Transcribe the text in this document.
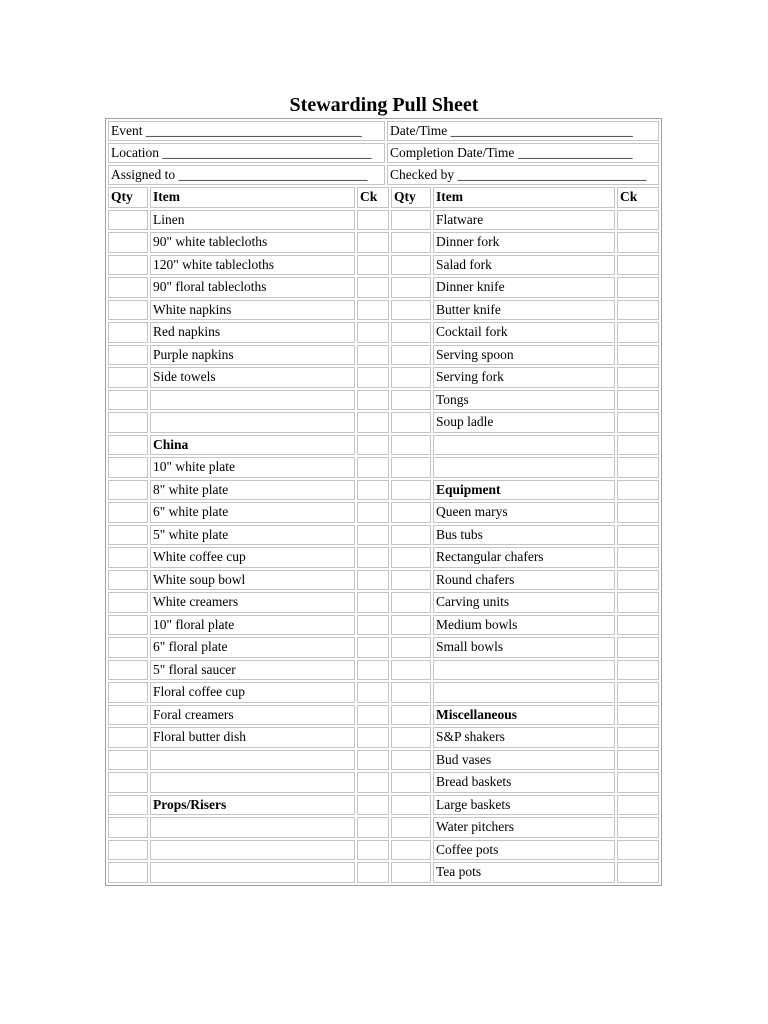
Stewarding Pull Sheet
Event ________________________________	Date/Time ___________________________
Location _______________________________	Completion Date/Time _________________
Assigned to ____________________________	Checked by ____________________________
Qty	Item	Ck	Qty	Item	Ck
	Linen			Flatware	
	90" white tablecloths			Dinner fork	
	120" white tablecloths			Salad fork	
	90" floral tablecloths			Dinner knife	
	White napkins			Butter knife	
	Red napkins			Cocktail fork	
	Purple napkins			Serving spoon	
	Side towels			Serving fork	
				Tongs	
				Soup ladle	
	China				
	10" white plate				
	8" white plate			Equipment	
	6" white plate			Queen marys	
	5" white plate			Bus tubs	
	White coffee cup			Rectangular chafers	
	White soup bowl			Round chafers	
	White creamers			Carving units	
	10" floral plate			Medium bowls	
	6" floral plate			Small bowls	
	5" floral saucer				
	Floral coffee cup				
	Foral creamers			Miscellaneous	
	Floral butter dish			S&P shakers	
				Bud vases	
				Bread baskets	
	Props/Risers			Large baskets	
				Water pitchers	
				Coffee pots	
				Tea pots	
